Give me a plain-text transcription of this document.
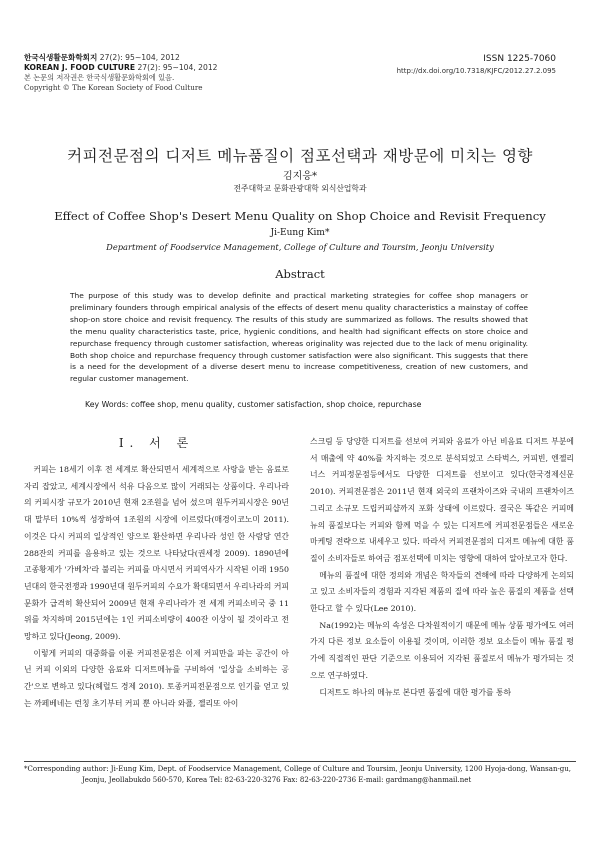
한국식생활문화학회지 27(2): 95~104, 2012
KOREAN J. FOOD CULTURE 27(2): 95~104, 2012
본 논문의 저작권은 한국식생활문화학회에 있음.
Copyright © The Korean Society of Food Culture
ISSN 1225-7060
http://dx.doi.org/10.7318/KJFC/2012.27.2.095
커피전문점의 디저트 메뉴품질이 점포선택과 재방문에 미치는 영향
김지응*
전주대학교 문화관광대학 외식산업학과
Effect of Coffee Shop's Desert Menu Quality on Shop Choice and Revisit Frequency
Ji-Eung Kim*
Department of Foodservice Management, College of Culture and Toursim, Jeonju University
Abstract
The purpose of this study was to develop definite and practical marketing strategies for coffee shop managers or preliminary founders through empirical analysis of the effects of desert menu quality characteristics a mainstay of coffee shop-on store choice and revisit frequency. The results of this study are summarized as follows. The results showed that the menu quality characteristics taste, price, hygienic conditions, and health had significant effects on store choice and repurchase frequency through customer satisfaction, whereas originality was rejected due to the lack of menu originality. Both shop choice and repurchase frequency through customer satisfaction were also significant. This suggests that there is a need for the development of a diverse desert menu to increase competitiveness, creation of new customers, and regular customer management.
Key Words: coffee shop, menu quality, customer satisfaction, shop choice, repurchase
I. 서 론

커피는 18세기 이후 전 세계로 확산되면서 세계적으로 사랑을 받는 음료로 자리 잡았고, 세계시장에서 석유 다음으로 많이 거래되는 상품이다. 우리나라의 커피시장 규모가 2010년 현재 2조원을 넘어 섰으며 원두커피시장은 90년대 말부터 10%씩 성장하여 1조원의 시장에 이르렀다(매경이코노미 2011). 이것은 다시 커피의 일상적인 양으로 환산하면 우리나라 성인 한 사람당 연간 288잔의 커피를 음용하고 있는 것으로 나타났다(권세정 2009). 1890년에 고종황제가 '가베차'라 불리는 커피를 마시면서 커피역사가 시작된 이래 1950년대의 한국전쟁과 1990년대 원두커피의 수요가 확대되면서 우리나라의 커피문화가 급격히 확산되어 2009년 현재 우리나라가 전 세계 커피소비국 중 11위를 차지하며 2015년에는 1인 커피소비량이 400잔 이상이 될 것이라고 전망하고 있다(Jeong, 2009).

이렇게 커피의 대중화를 이룬 커피전문점은 이제 커피만을 파는 공간이 아닌 커피 이외의 다양한 음료와 디저트메뉴를 구비하여 '일상을 소비하는 공간'으로 변하고 있다(헤럴드 경제 2010). 토종커피전문점으로 인기를 얻고 있는 까페베네는 런칭 초기부터 커피 뿐 아니라 와플, 젤리또 아이

스크림 등 당양한 디저트를 선보여 커피와 음료가 아닌 비음료 디저트 부분에서 매출에 약 40%를 차지하는 것으로 분석되었고 스타벅스, 커피빈, 엔젤리너스 커피정문점등에서도 다양한 디저트를 선보이고 있다(한국경제신문 2010). 커피전문점은 2011년 현재 외국의 프랜차이즈와 국내의 프랜차이즈 그리고 소규모 드립커피샵까지 포화 상태에 이르렀다. 결국은 똑같은 커피메뉴의 품질보다는 커피와 함께 먹을 수 있는 디저트에 커피전문점들은 새로운 마케팅 전략으로 내세우고 있다. 따라서 커피전문점의 디저트 메뉴에 대한 품질이 소비자들로 하여금 점포선택에 미치는 영향에 대하여 알아보고자 한다.

메뉴의 품질에 대한 정의와 개념은 학자들의 견해에 따라 다양하게 논의되고 있고 소비자들의 경험과 지각된 제품의 질에 따라 높은 품질의 제품을 선택한다고 할 수 있다(Lee 2010).

Na(1992)는 메뉴의 속성은 다차원적이기 때문에 메뉴 상품 평가에도 여러 가지 다른 정보 요소들이 이용될 것이며, 이러한 정보 요소들이 메뉴 품질 평가에 직접적인 판단 기준으로 이용되어 지각된 품질로서 메뉴가 평가되는 것으로 연구하였다.

디저트도 하나의 메뉴로 본다면 품질에 대한 평가를 통하

*Corresponding author: Ji-Eung Kim, Dept. of Foodservice Management, College of Culture and Toursim, Jeonju University, 1200 Hyoja-dong, Wansan-gu,
Jeonju, Jeollabukdo 560-570, Korea Tel: 82-63-220-3276 Fax: 82-63-220-2736 E-mail: gardmang@hanmail.net
